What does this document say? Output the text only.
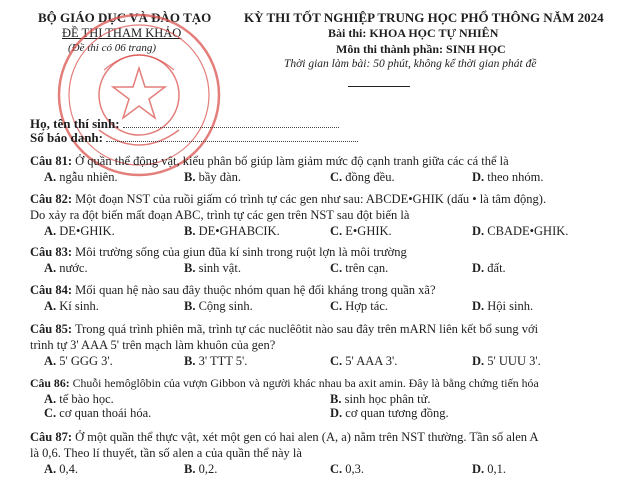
BỘ GIÁO DỤC VÀ ĐÀO TẠO
ĐỀ THI THAM KHẢO
(Đề thi có 06 trang)
KỲ THI TỐT NGHIỆP TRUNG HỌC PHỔ THÔNG NĂM 2024
Bài thi: KHOA HỌC TỰ NHIÊN
Môn thi thành phần: SINH HỌC
Thời gian làm bài: 50 phút, không kể thời gian phát đề
Họ, tên thí sinh:
Số báo danh:
Câu 81: Ở quần thể động vật, kiểu phân bố giúp làm giảm mức độ cạnh tranh giữa các cá thể là
A. ngẫu nhiên.	B. bầy đàn.	C. đồng đều.	D. theo nhóm.
Câu 82: Một đoạn NST của ruồi giấm có trình tự các gen như sau: ABCDE•GHIK (dấu • là tâm động).
Do xảy ra đột biến mất đoạn ABC, trình tự các gen trên NST sau đột biến là
A. DE•GHIK.	B. DE•GHABCIK.	C. E•GHIK.	D. CBADE•GHIK.
Câu 83: Môi trường sống của giun đũa kí sinh trong ruột lợn là môi trường
A. nước.	B. sinh vật.	C. trên cạn.	D. đất.
Câu 84: Mối quan hệ nào sau đây thuộc nhóm quan hệ đối kháng trong quần xã?
A. Kí sinh.	B. Cộng sinh.	C. Hợp tác.	D. Hội sinh.
Câu 85: Trong quá trình phiên mã, trình tự các nuclêôtit nào sau đây trên mARN liên kết bổ sung với
trình tự 3' AAA 5' trên mạch làm khuôn của gen?
A. 5' GGG 3'.	B. 3' TTT 5'.	C. 5' AAA 3'.	D. 5' UUU 3'.
Câu 86: Chuỗi hemôglôbin của vượn Gibbon và người khác nhau ba axit amin. Đây là bằng chứng tiến hóa
A. tế bào học.	B. sinh học phân tử.
C. cơ quan thoái hóa.	D. cơ quan tương đồng.
Câu 87: Ở một quần thể thực vật, xét một gen có hai alen (A, a) nằm trên NST thường. Tần số alen A
là 0,6. Theo lí thuyết, tần số alen a của quần thể này là
A. 0,4.	B. 0,2.	C. 0,3.	D. 0,1.
